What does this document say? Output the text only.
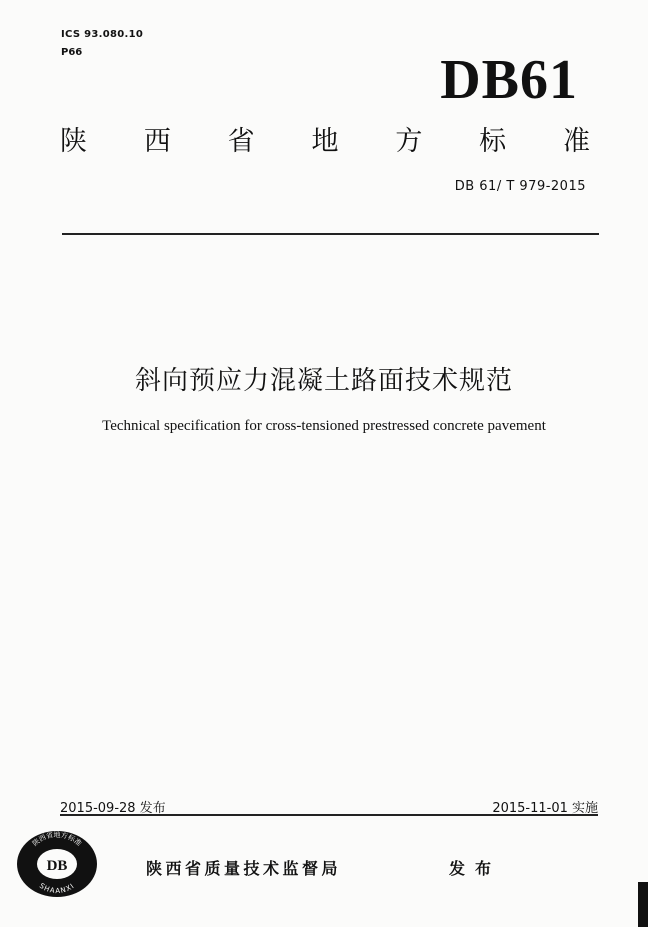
ICS 93.080.10
P66	DB61
陕 西 省 地 方 标 准
DB 61/ T 979-2015
斜向预应力混凝土路面技术规范
Technical specification for cross-tensioned prestressed concrete pavement
2015-09-28 发布	2015-11-01 实施
DB
陕西省地方标准
SHAANXI
陕西省质量技术监督局	发布
